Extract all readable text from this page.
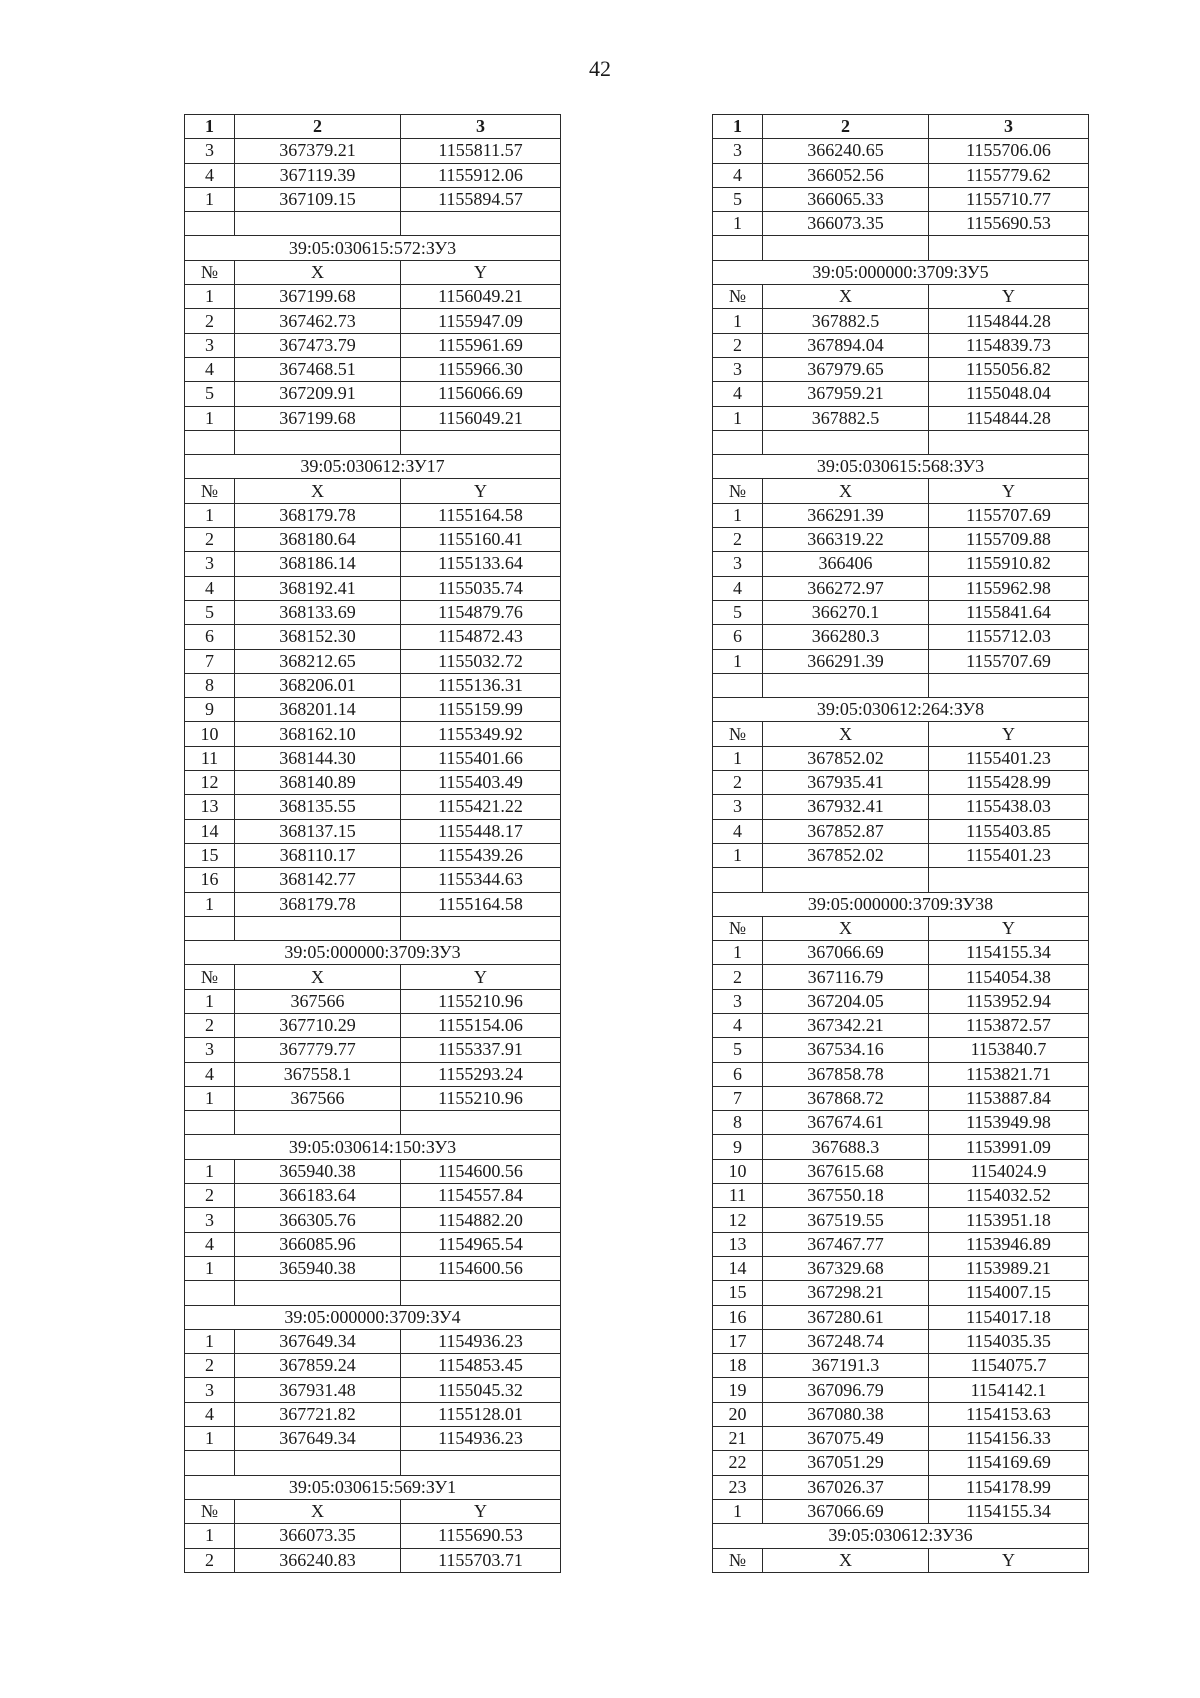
42
1	2	3
3	367379.21	1155811.57
4	367119.39	1155912.06
1	367109.15	1155894.57

39:05:030615:572:ЗУ3		
№	X	Y
1	367199.68	1156049.21
2	367462.73	1155947.09
3	367473.79	1155961.69
4	367468.51	1155966.30
5	367209.91	1156066.69
1	367199.68	1156049.21

39:05:030612:ЗУ17		
№	X	Y
1	368179.78	1155164.58
2	368180.64	1155160.41
3	368186.14	1155133.64
4	368192.41	1155035.74
5	368133.69	1154879.76
6	368152.30	1154872.43
7	368212.65	1155032.72
8	368206.01	1155136.31
9	368201.14	1155159.99
10	368162.10	1155349.92
11	368144.30	1155401.66
12	368140.89	1155403.49
13	368135.55	1155421.22
14	368137.15	1155448.17
15	368110.17	1155439.26
16	368142.77	1155344.63
1	368179.78	1155164.58

39:05:000000:3709:ЗУ3		
№	X	Y
1	367566	1155210.96
2	367710.29	1155154.06
3	367779.77	1155337.91
4	367558.1	1155293.24
1	367566	1155210.96

39:05:030614:150:ЗУ3		
1	365940.38	1154600.56
2	366183.64	1154557.84
3	366305.76	1154882.20
4	366085.96	1154965.54
1	365940.38	1154600.56

39:05:000000:3709:ЗУ4		
1	367649.34	1154936.23
2	367859.24	1154853.45
3	367931.48	1155045.32
4	367721.82	1155128.01
1	367649.34	1154936.23

39:05:030615:569:ЗУ1		
№	X	Y
1	366073.35	1155690.53
2	366240.83	1155703.71
1	2	3
3	366240.65	1155706.06
4	366052.56	1155779.62
5	366065.33	1155710.77
1	366073.35	1155690.53

39:05:000000:3709:ЗУ5		
№	X	Y
1	367882.5	1154844.28
2	367894.04	1154839.73
3	367979.65	1155056.82
4	367959.21	1155048.04
1	367882.5	1154844.28

39:05:030615:568:ЗУ3		
№	X	Y
1	366291.39	1155707.69
2	366319.22	1155709.88
3	366406	1155910.82
4	366272.97	1155962.98
5	366270.1	1155841.64
6	366280.3	1155712.03
1	366291.39	1155707.69

39:05:030612:264:ЗУ8		
№	X	Y
1	367852.02	1155401.23
2	367935.41	1155428.99
3	367932.41	1155438.03
4	367852.87	1155403.85
1	367852.02	1155401.23

39:05:000000:3709:ЗУ38		
№	X	Y
1	367066.69	1154155.34
2	367116.79	1154054.38
3	367204.05	1153952.94
4	367342.21	1153872.57
5	367534.16	1153840.7
6	367858.78	1153821.71
7	367868.72	1153887.84
8	367674.61	1153949.98
9	367688.3	1153991.09
10	367615.68	1154024.9
11	367550.18	1154032.52
12	367519.55	1153951.18
13	367467.77	1153946.89
14	367329.68	1153989.21
15	367298.21	1154007.15
16	367280.61	1154017.18
17	367248.74	1154035.35
18	367191.3	1154075.7
19	367096.79	1154142.1
20	367080.38	1154153.63
21	367075.49	1154156.33
22	367051.29	1154169.69
23	367026.37	1154178.99
1	367066.69	1154155.34
39:05:030612:ЗУ36		
№	X	Y
